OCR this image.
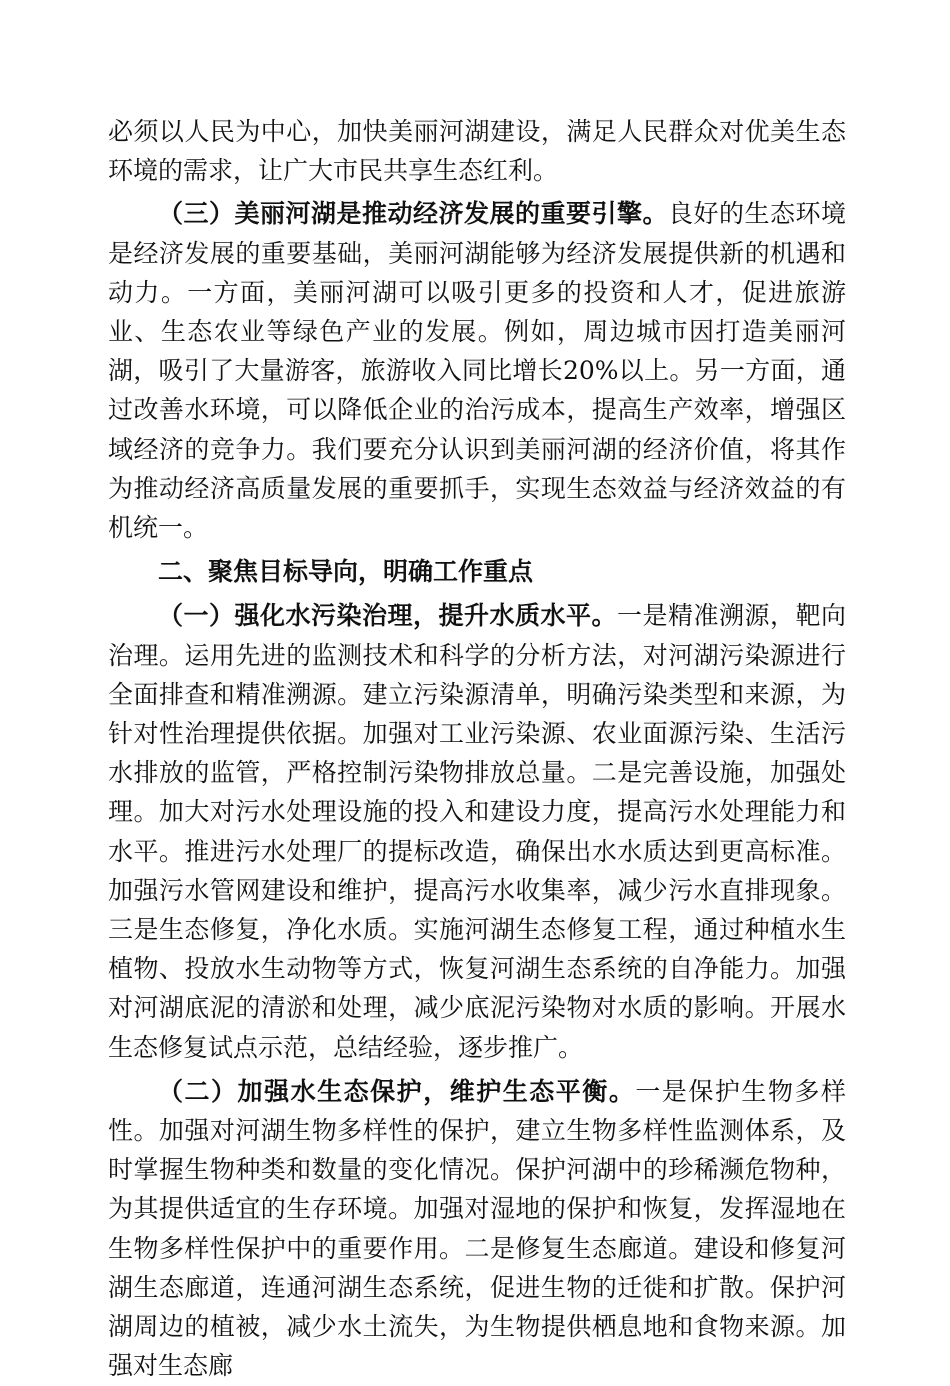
必须以人民为中心，加快美丽河湖建设，满足人民群众对优美生态环境的需求，让广大市民共享生态红利。

（三）美丽河湖是推动经济发展的重要引擎。良好的生态环境是经济发展的重要基础，美丽河湖能够为经济发展提供新的机遇和动力。一方面，美丽河湖可以吸引更多的投资和人才，促进旅游业、生态农业等绿色产业的发展。例如，周边城市因打造美丽河湖，吸引了大量游客，旅游收入同比增长20%以上。另一方面，通过改善水环境，可以降低企业的治污成本，提高生产效率，增强区域经济的竞争力。我们要充分认识到美丽河湖的经济价值，将其作为推动经济高质量发展的重要抓手，实现生态效益与经济效益的有机统一。

二、聚焦目标导向，明确工作重点

（一）强化水污染治理，提升水质水平。一是精准溯源，靶向治理。运用先进的监测技术和科学的分析方法，对河湖污染源进行全面排查和精准溯源。建立污染源清单，明确污染类型和来源，为针对性治理提供依据。加强对工业污染源、农业面源污染、生活污水排放的监管，严格控制污染物排放总量。二是完善设施，加强处理。加大对污水处理设施的投入和建设力度，提高污水处理能力和水平。推进污水处理厂的提标改造，确保出水水质达到更高标准。加强污水管网建设和维护，提高污水收集率，减少污水直排现象。三是生态修复，净化水质。实施河湖生态修复工程，通过种植水生植物、投放水生动物等方式，恢复河湖生态系统的自净能力。加强对河湖底泥的清淤和处理，减少底泥污染物对水质的影响。开展水生态修复试点示范，总结经验，逐步推广。

（二）加强水生态保护，维护生态平衡。一是保护生物多样性。加强对河湖生物多样性的保护，建立生物多样性监测体系，及时掌握生物种类和数量的变化情况。保护河湖中的珍稀濒危物种，为其提供适宜的生存环境。加强对湿地的保护和恢复，发挥湿地在生物多样性保护中的重要作用。二是修复生态廊道。建设和修复河湖生态廊道，连通河湖生态系统，促进生物的迁徙和扩散。保护河湖周边的植被，减少水土流失，为生物提供栖息地和食物来源。加强对生态廊
